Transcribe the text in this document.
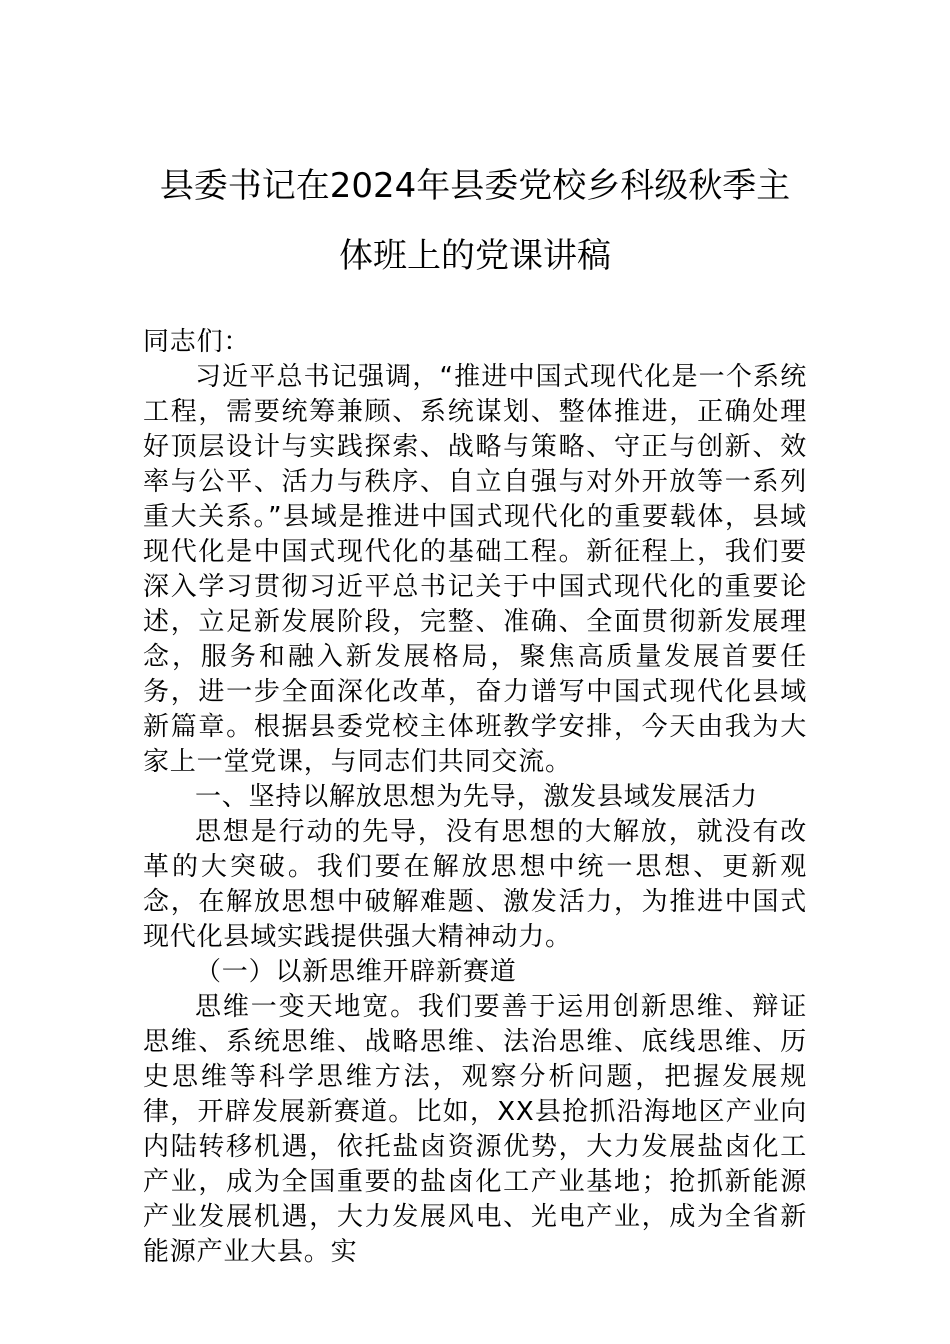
县委书记在2024年县委党校乡科级秋季主
体班上的党课讲稿

同志们：

习近平总书记强调，“推进中国式现代化是一个系统工程，需要统筹兼顾、系统谋划、整体推进，正确处理好顶层设计与实践探索、战略与策略、守正与创新、效率与公平、活力与秩序、自立自强与对外开放等一系列重大关系。”县域是推进中国式现代化的重要载体，县域现代化是中国式现代化的基础工程。新征程上，我们要深入学习贯彻习近平总书记关于中国式现代化的重要论述，立足新发展阶段，完整、准确、全面贯彻新发展理念，服务和融入新发展格局，聚焦高质量发展首要任务，进一步全面深化改革，奋力谱写中国式现代化县域新篇章。根据县委党校主体班教学安排，今天由我为大家上一堂党课，与同志们共同交流。

一、坚持以解放思想为先导，激发县域发展活力

思想是行动的先导，没有思想的大解放，就没有改革的大突破。我们要在解放思想中统一思想、更新观念，在解放思想中破解难题、激发活力，为推进中国式现代化县域实践提供强大精神动力。

（一）以新思维开辟新赛道

思维一变天地宽。我们要善于运用创新思维、辩证思维、系统思维、战略思维、法治思维、底线思维、历史思维等科学思维方法，观察分析问题，把握发展规律，开辟发展新赛道。比如，XX县抢抓沿海地区产业向内陆转移机遇，依托盐卤资源优势，大力发展盐卤化工产业，成为全国重要的盐卤化工产业基地；抢抓新能源产业发展机遇，大力发展风电、光电产业，成为全省新能源产业大县。实
